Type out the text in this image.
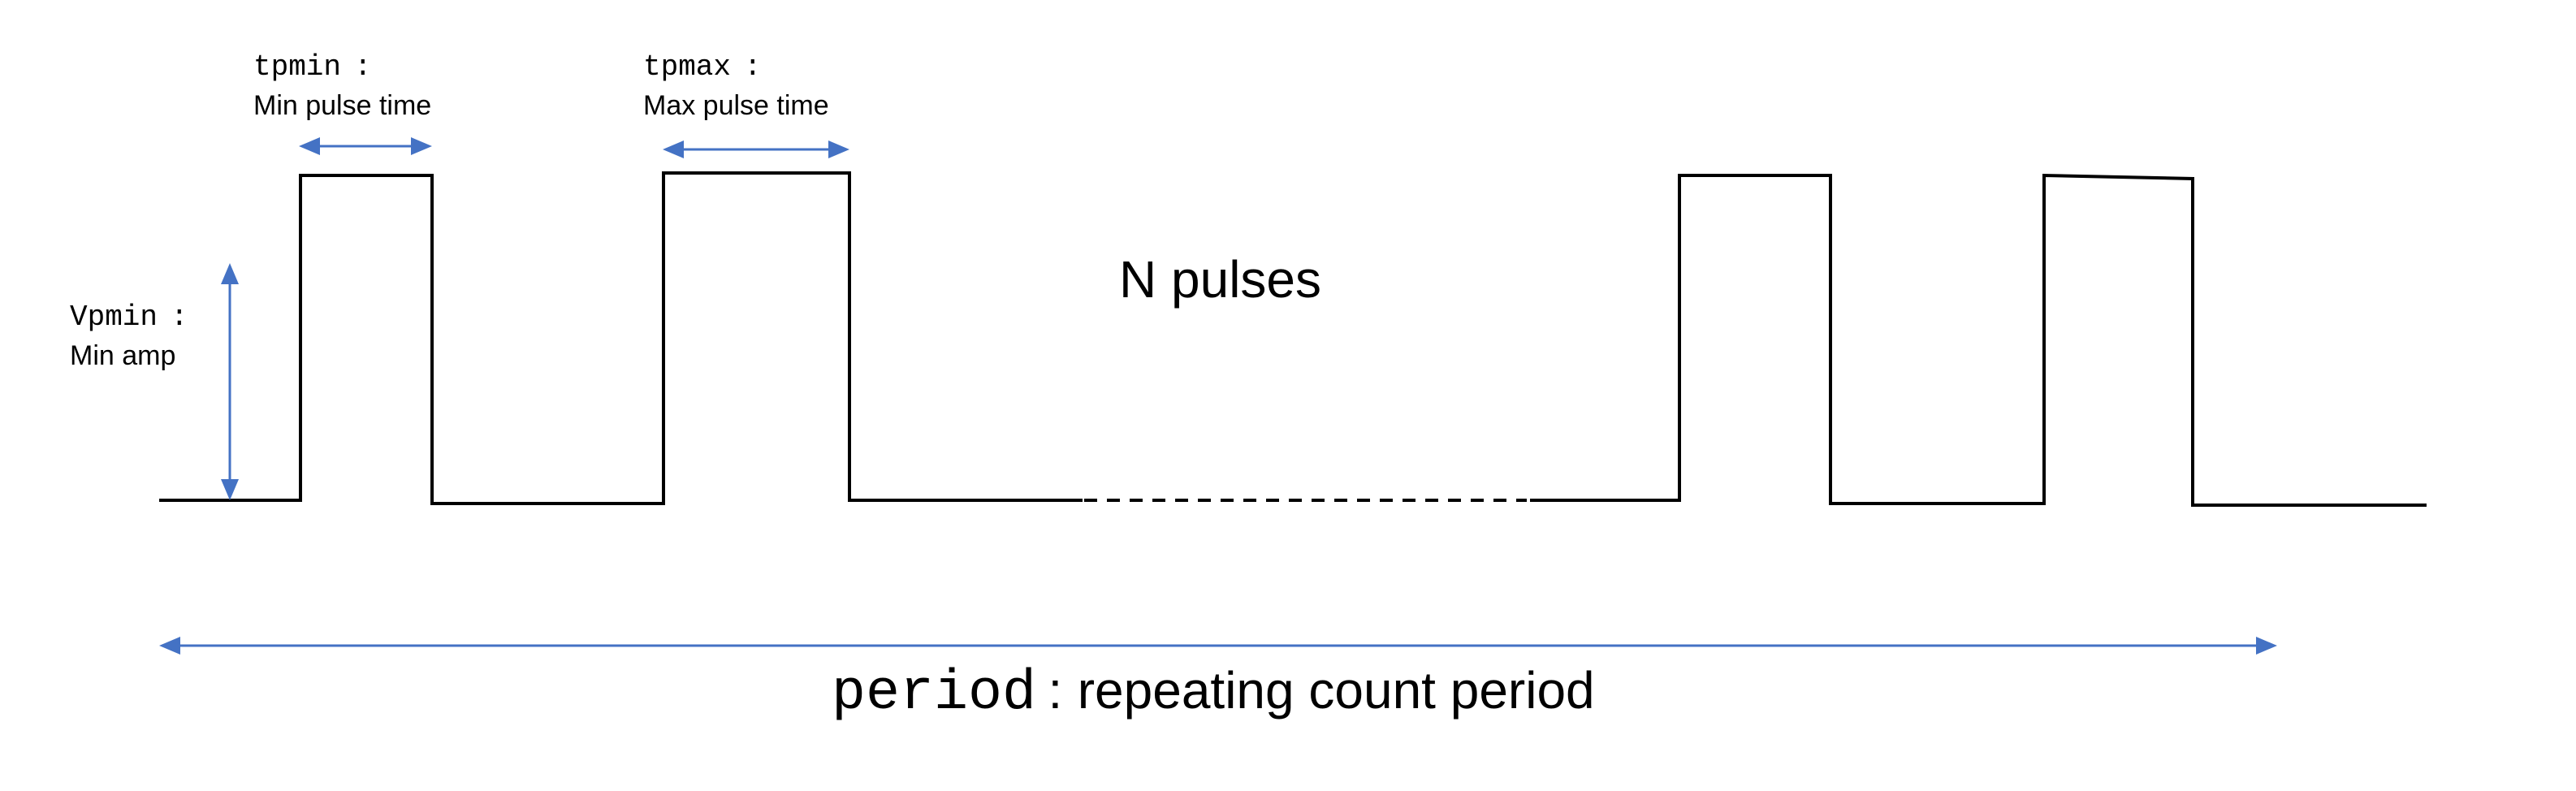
tpmin :
Min pulse time
tpmax :
Max pulse time
Vpmin :
Min amp
N pulses
period : repeating count period
